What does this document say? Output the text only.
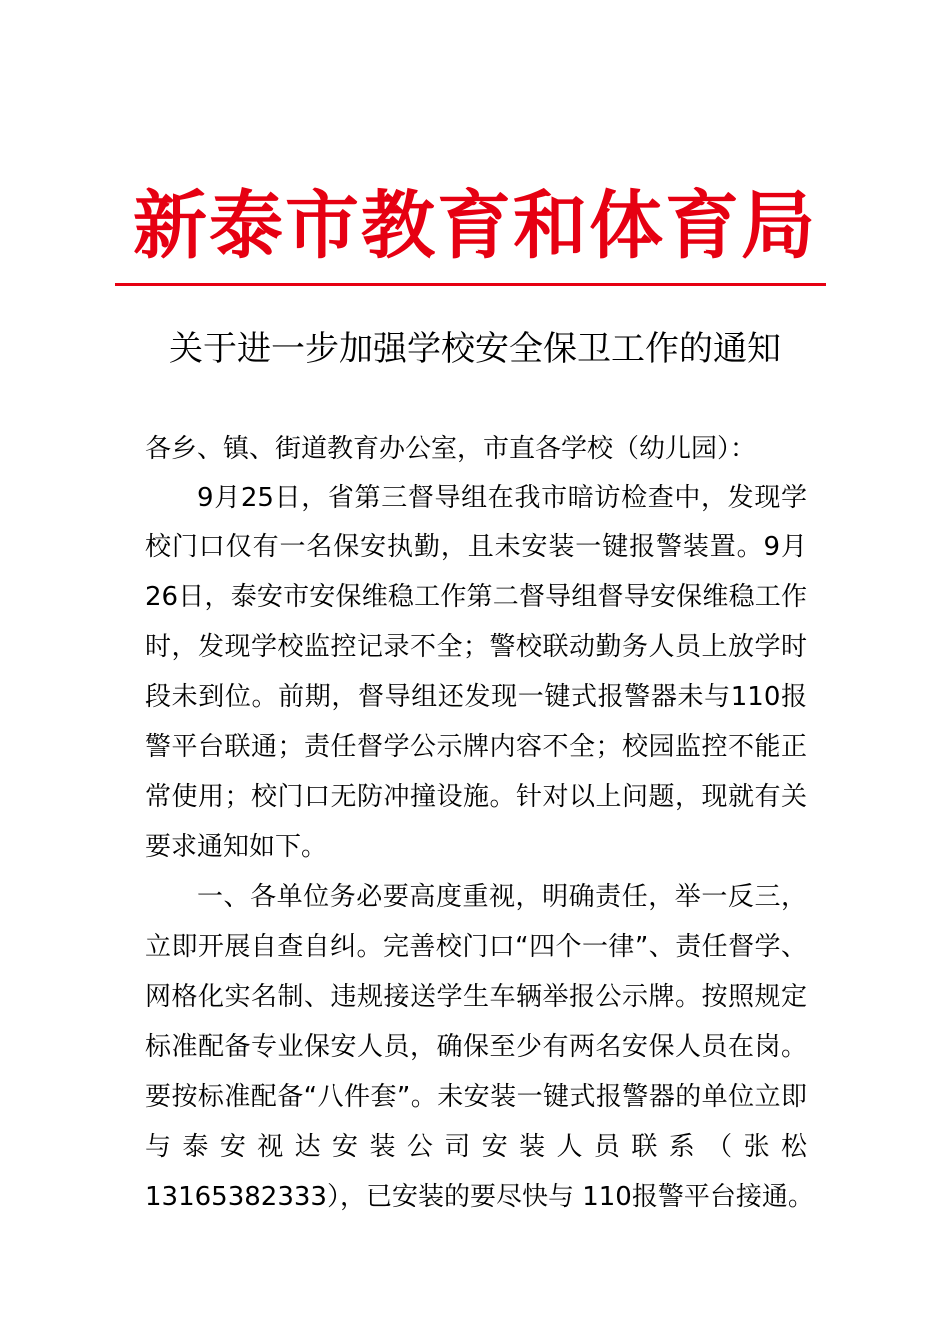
新泰市教育和体育局
关于进一步加强学校安全保卫工作的通知
各乡、镇、街道教育办公室，市直各学校（幼儿园）：
9月25日，省第三督导组在我市暗访检查中，发现学
校门口仅有一名保安执勤，且未安装一键报警装置。9月
26日，泰安市安保维稳工作第二督导组督导安保维稳工作
时，发现学校监控记录不全；警校联动勤务人员上放学时
段未到位。前期，督导组还发现一键式报警器未与110报
警平台联通；责任督学公示牌内容不全；校园监控不能正
常使用；校门口无防冲撞设施。针对以上问题，现就有关
要求通知如下。
一、各单位务必要高度重视，明确责任，举一反三，
立即开展自查自纠。完善校门口“四个一律”、责任督学、
网格化实名制、违规接送学生车辆举报公示牌。按照规定
标准配备专业保安人员，确保至少有两名安保人员在岗。
要按标准配备“八件套”。未安装一键式报警器的单位立即
与泰安视达安装公司安装人员联系（张松
13165382333），已安装的要尽快与 110报警平台接通。
